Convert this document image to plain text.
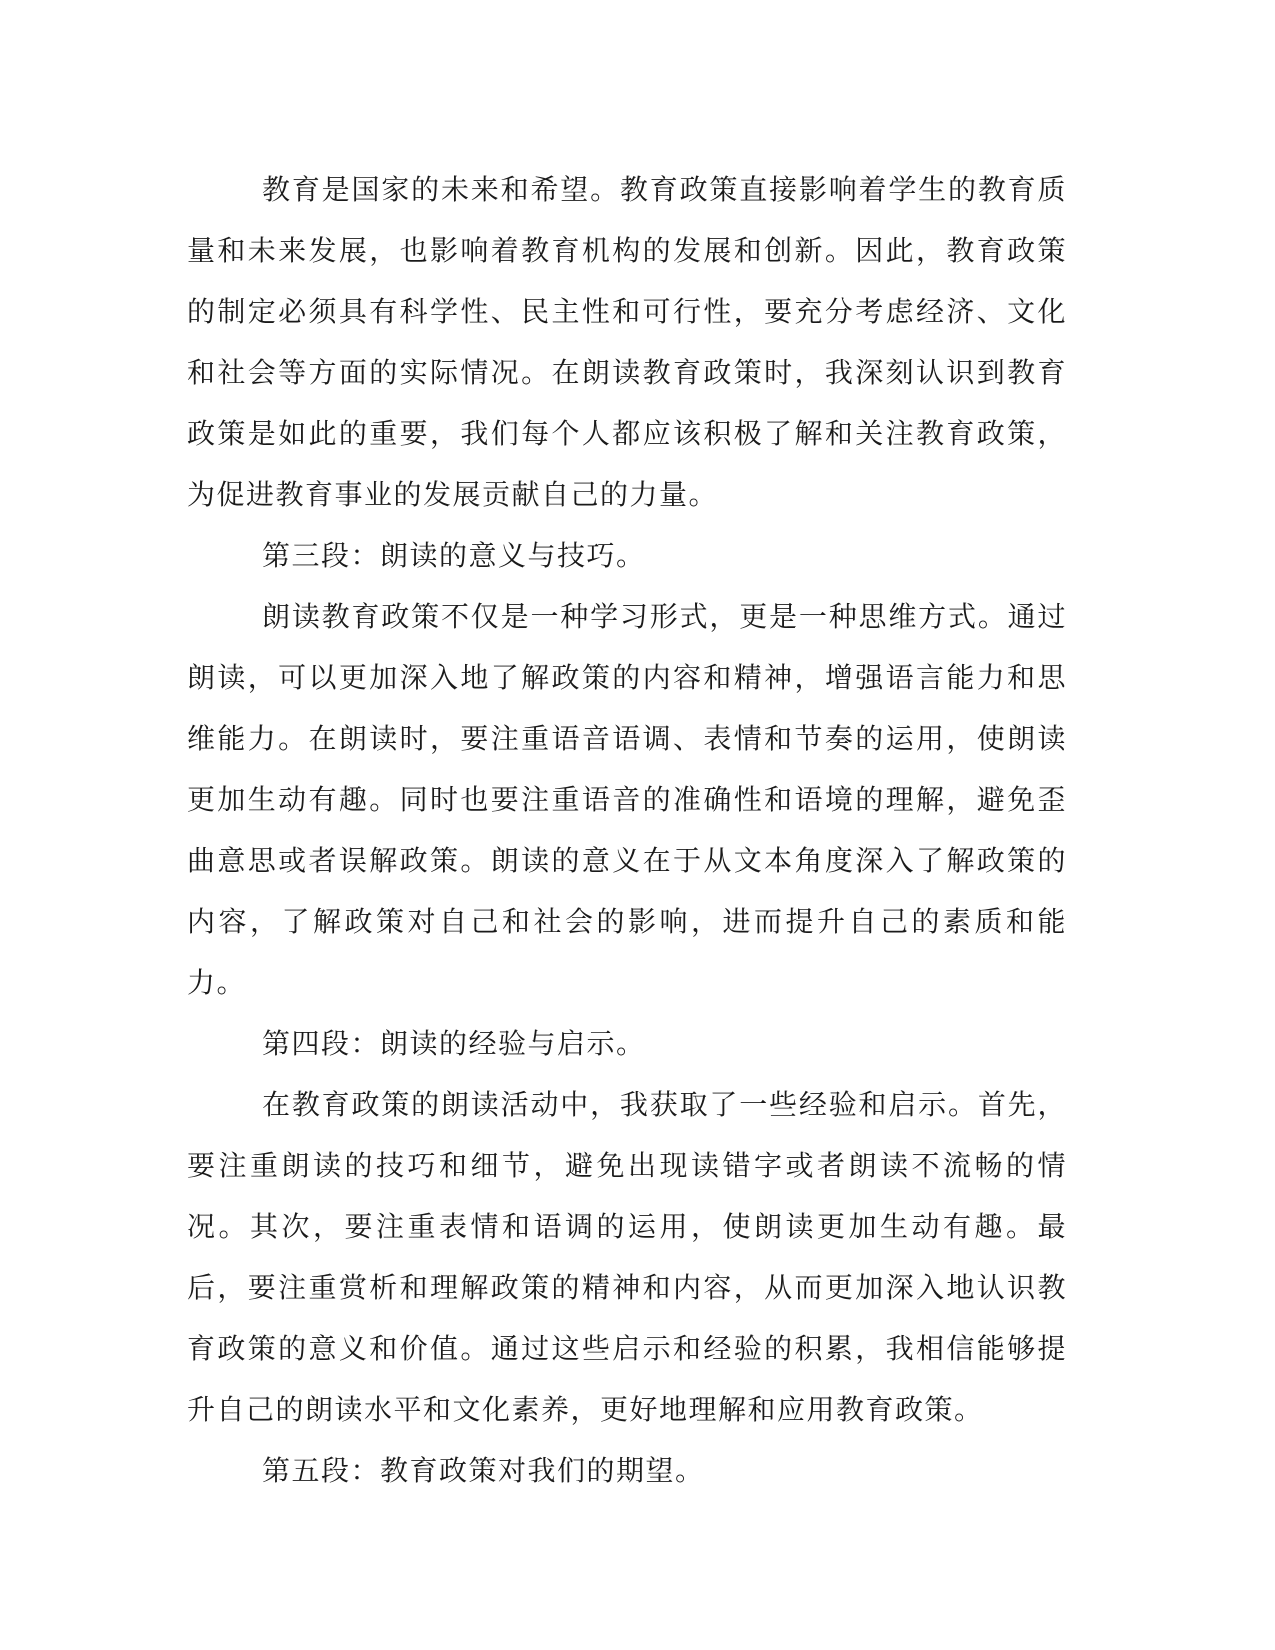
教育是国家的未来和希望。教育政策直接影响着学生的教育质量和未来发展，也影响着教育机构的发展和创新。因此，教育政策的制定必须具有科学性、民主性和可行性，要充分考虑经济、文化和社会等方面的实际情况。在朗读教育政策时，我深刻认识到教育政策是如此的重要，我们每个人都应该积极了解和关注教育政策，为促进教育事业的发展贡献自己的力量。

第三段：朗读的意义与技巧。

朗读教育政策不仅是一种学习形式，更是一种思维方式。通过朗读，可以更加深入地了解政策的内容和精神，增强语言能力和思维能力。在朗读时，要注重语音语调、表情和节奏的运用，使朗读更加生动有趣。同时也要注重语音的准确性和语境的理解，避免歪曲意思或者误解政策。朗读的意义在于从文本角度深入了解政策的内容，了解政策对自己和社会的影响，进而提升自己的素质和能力。

第四段：朗读的经验与启示。

在教育政策的朗读活动中，我获取了一些经验和启示。首先，要注重朗读的技巧和细节，避免出现读错字或者朗读不流畅的情况。其次，要注重表情和语调的运用，使朗读更加生动有趣。最后，要注重赏析和理解政策的精神和内容，从而更加深入地认识教育政策的意义和价值。通过这些启示和经验的积累，我相信能够提升自己的朗读水平和文化素养，更好地理解和应用教育政策。

第五段：教育政策对我们的期望。
